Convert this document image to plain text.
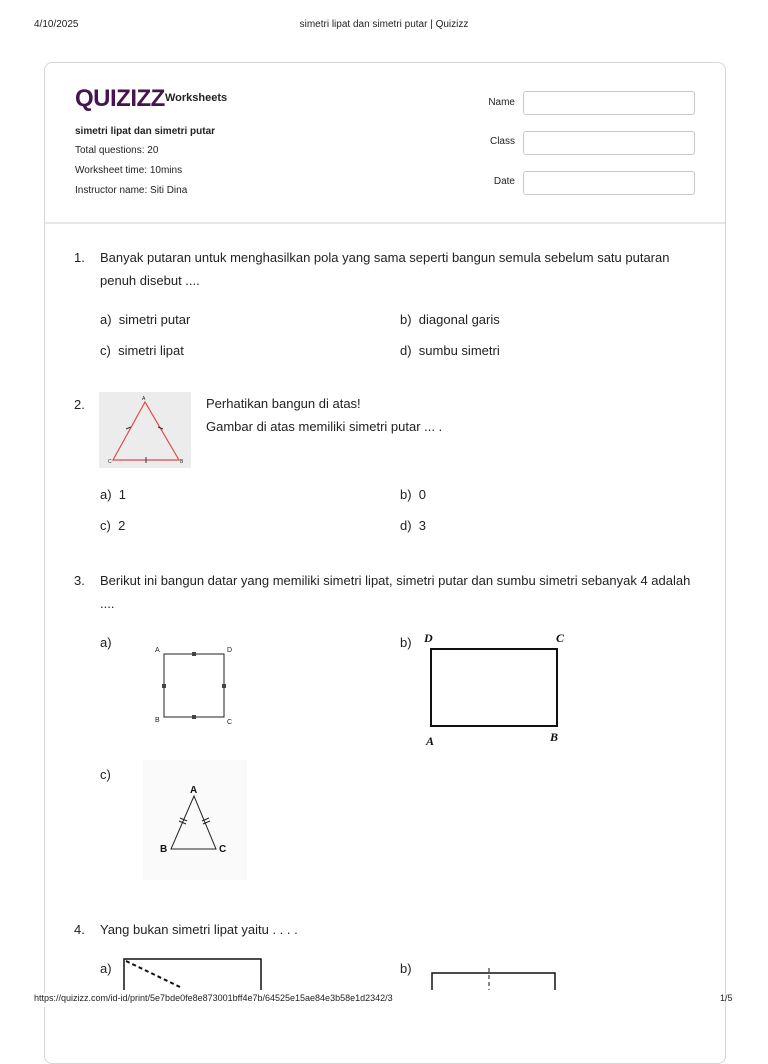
4/10/2025	simetri lipat dan simetri putar | Quizizz
QUIZIZZ Worksheets
simetri lipat dan simetri putar
Total questions: 20
Worksheet time: 10mins
Instructor name: Siti Dina
Name
Class
Date
1. Banyak putaran untuk menghasilkan pola yang sama seperti bangun semula sebelum satu putaran penuh disebut ....
a) simetri putar	b) diagonal garis
c) simetri lipat	d) sumbu simetri
2.	A
C	B
Perhatikan bangun di atas!
Gambar di atas memiliki simetri putar ... .
a) 1	b) 0
c) 2	d) 3
3. Berikut ini bangun datar yang memiliki simetri lipat, simetri putar dan sumbu simetri sebanyak 4 adalah ....
a)
A	D
B	C
b) D	C
A	B
c)
A
B	C
4. Yang bukan simetri lipat yaitu . . . .
a)	b)
https://quizizz.com/id-id/print/5e7bde0fe8e873001bff4e7b/64525e15ae84e3b58e1d2342/3	1/5
